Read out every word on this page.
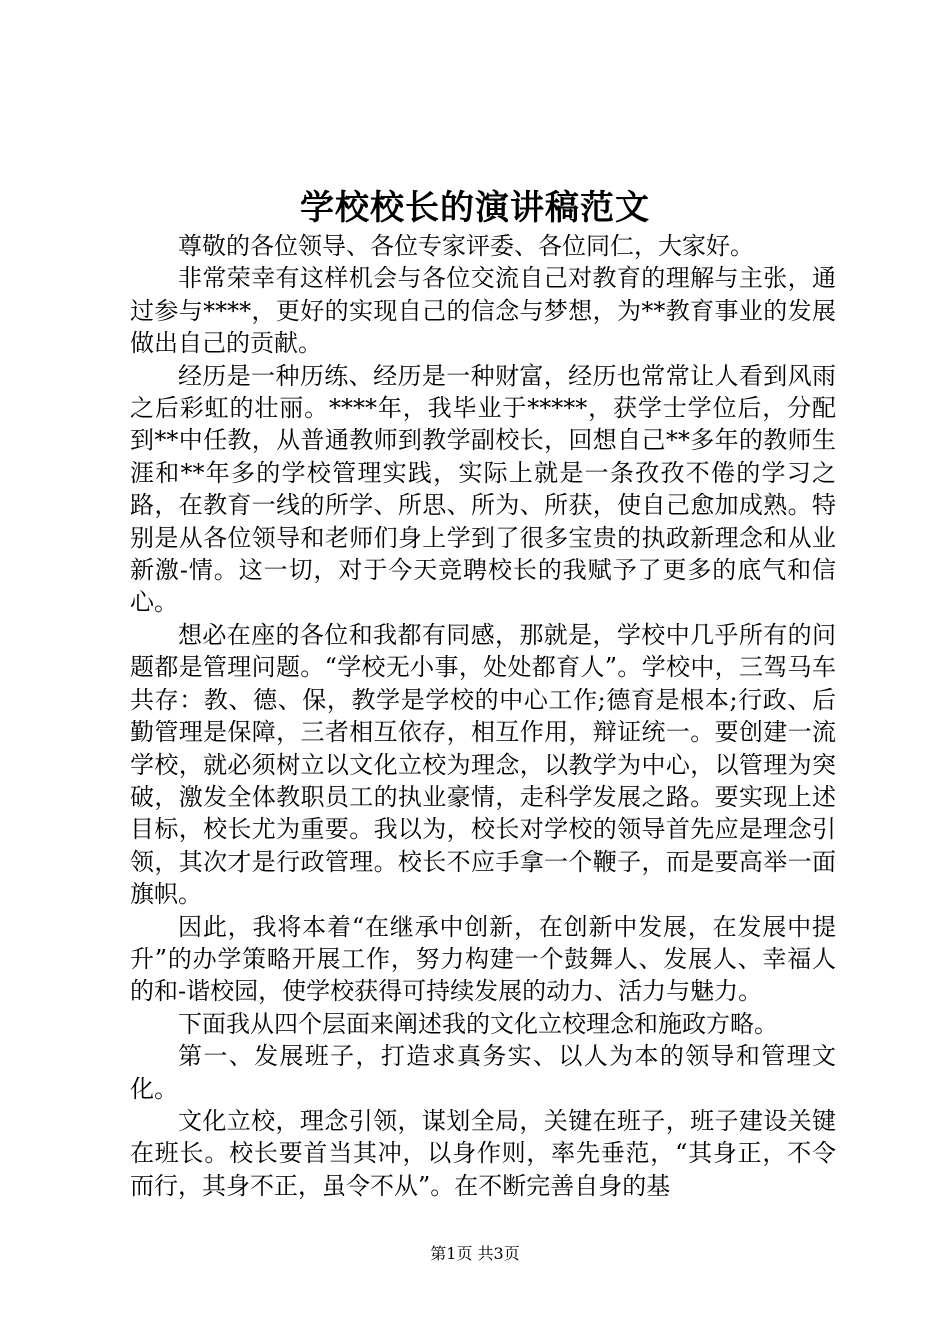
学校校长的演讲稿范文

尊敬的各位领导、各位专家评委、各位同仁，大家好。

非常荣幸有这样机会与各位交流自己对教育的理解与主张，通过参与****，更好的实现自己的信念与梦想，为**教育事业的发展做出自己的贡献。

经历是一种历练、经历是一种财富，经历也常常让人看到风雨之后彩虹的壮丽。****年，我毕业于*****，获学士学位后，分配到**中任教，从普通教师到教学副校长，回想自己**多年的教师生涯和**年多的学校管理实践，实际上就是一条孜孜不倦的学习之路，在教育一线的所学、所思、所为、所获，使自己愈加成熟。特别是从各位领导和老师们身上学到了很多宝贵的执政新理念和从业新激-情。这一切，对于今天竞聘校长的我赋予了更多的底气和信心。

想必在座的各位和我都有同感，那就是，学校中几乎所有的问题都是管理问题。“学校无小事，处处都育人”。学校中，三驾马车共存：教、德、保，教学是学校的中心工作;德育是根本;行政、后勤管理是保障，三者相互依存，相互作用，辩证统一。要创建一流学校，就必须树立以文化立校为理念，以教学为中心，以管理为突破，激发全体教职员工的执业豪情，走科学发展之路。要实现上述目标，校长尤为重要。我以为，校长对学校的领导首先应是理念引领，其次才是行政管理。校长不应手拿一个鞭子，而是要高举一面旗帜。

因此，我将本着“在继承中创新，在创新中发展，在发展中提升”的办学策略开展工作，努力构建一个鼓舞人、发展人、幸福人的和-谐校园，使学校获得可持续发展的动力、活力与魅力。

下面我从四个层面来阐述我的文化立校理念和施政方略。

第一、发展班子，打造求真务实、以人为本的领导和管理文化。

文化立校，理念引领，谋划全局，关键在班子，班子建设关键在班长。校长要首当其冲，以身作则，率先垂范，“其身正，不令而行，其身不正，虽令不从”。在不断完善自身的基

第1页 共3页
